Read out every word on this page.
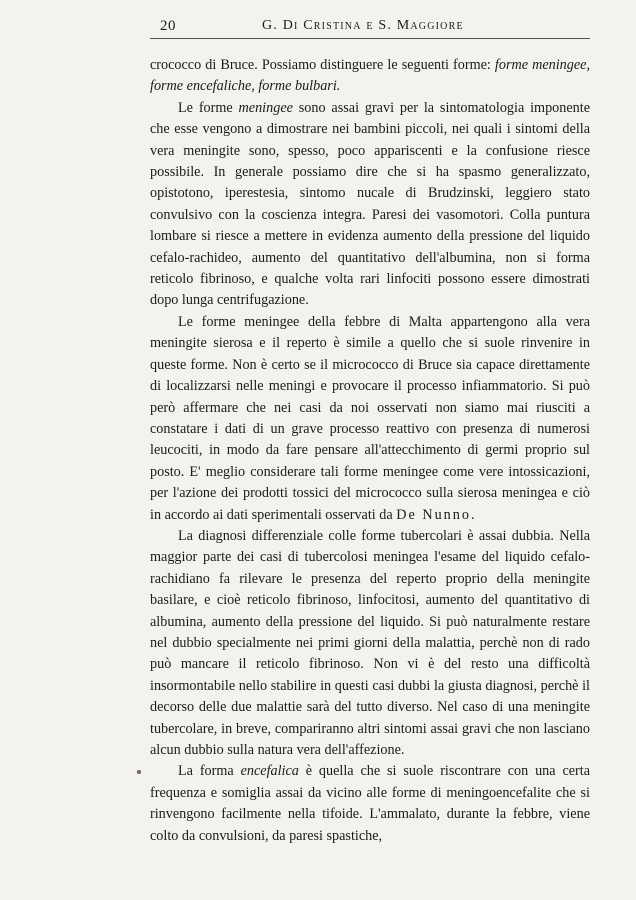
20	G. Di Cristina e S. Maggiore

crococco di Bruce. Possiamo distinguere le seguenti forme: forme meningee, forme encefaliche, forme bulbari.

Le forme meningee sono assai gravi per la sintomatologia imponente che esse vengono a dimostrare nei bambini piccoli, nei quali i sintomi della vera meningite sono, spesso, poco appariscenti e la confusione riesce possibile. In generale possiamo dire che si ha spasmo generalizzato, opistotono, iperestesia, sintomo nucale di Brudzinski, leggiero stato convulsivo con la coscienza integra. Paresi dei vasomotori. Colla puntura lombare si riesce a mettere in evidenza aumento della pressione del liquido cefalo-rachideo, aumento del quantitativo dell'albumina, non si forma reticolo fibrinoso, e qualche volta rari linfociti possono essere dimostrati dopo lunga centrifugazione.

Le forme meningee della febbre di Malta appartengono alla vera meningite sierosa e il reperto è simile a quello che si suole rinvenire in queste forme. Non è certo se il micrococco di Bruce sia capace direttamente di localizzarsi nelle meningi e provocare il processo infiammatorio. Si può però affermare che nei casi da noi osservati non siamo mai riusciti a constatare i dati di un grave processo reattivo con presenza di numerosi leucociti, in modo da fare pensare all'attecchimento di germi proprio sul posto. E' meglio considerare tali forme meningee come vere intossicazioni, per l'azione dei prodotti tossici del micrococco sulla sierosa meningea e ciò in accordo ai dati sperimentali osservati da De Nunno.

La diagnosi differenziale colle forme tubercolari è assai dubbia. Nella maggior parte dei casi di tubercolosi meningea l'esame del liquido cefalo-rachidiano fa rilevare le presenza del reperto proprio della meningite basilare, e cioè reticolo fibrinoso, linfocitosi, aumento del quantitativo di albumina, aumento della pressione del liquido. Si può naturalmente restare nel dubbio specialmente nei primi giorni della malattia, perchè non di rado può mancare il reticolo fibrinoso. Non vi è del resto una difficoltà insormontabile nello stabilire in questi casi dubbi la giusta diagnosi, perchè il decorso delle due malattie sarà del tutto diverso. Nel caso di una meningite tubercolare, in breve, compariranno altri sintomi assai gravi che non lasciano alcun dubbio sulla natura vera dell'affezione.

La forma encefalica è quella che si suole riscontrare con una certa frequenza e somiglia assai da vicino alle forme di meningoencefalite che si rinvengono facilmente nella tifoide. L'ammalato, durante la febbre, viene colto da convulsioni, da paresi spastiche,
